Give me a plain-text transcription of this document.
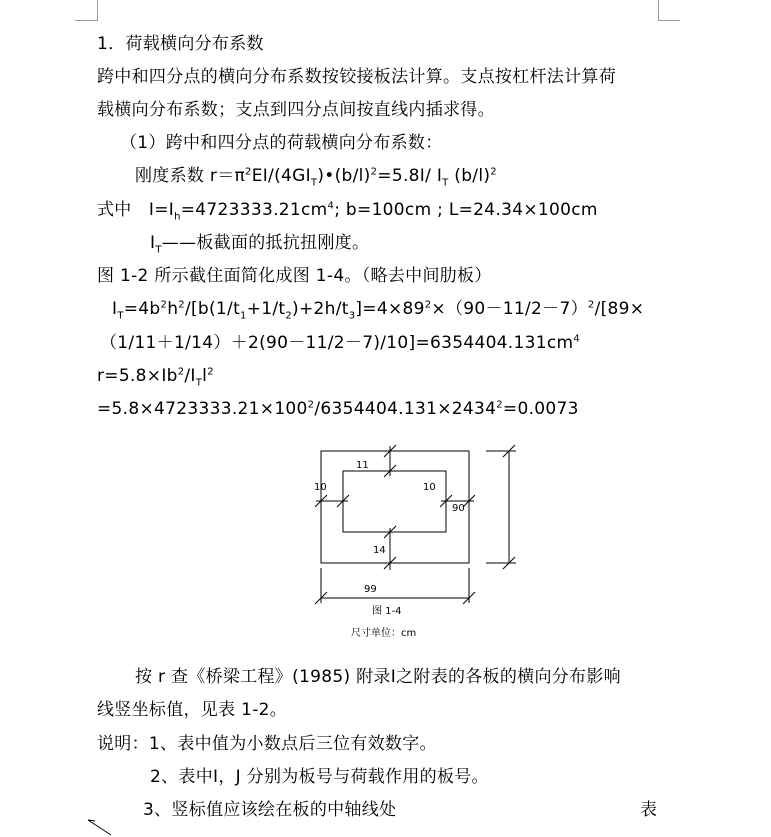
1．荷载横向分布系数
跨中和四分点的横向分布系数按铰接板法计算。支点按杠杆法计算荷
载横向分布系数；支点到四分点间按直线内插求得。
（1）跨中和四分点的荷载横向分布系数：
刚度系数 $r=\pi^2EI/(4GI_T)•(b/l)^2=5.8I/$ $I_T$ $(b/l)^2$
式中　$I=I_h=4723333.21cm^4$; b=100cm ; L=24.34×100cm
$I_T——$板截面的抵抗扭刚度。
图 1-2 所示截住面简化成图 1-4。（略去中间肋板）
$I_T=4b^2h^2/[b(1/t_1+1/t_2)+2h/t_3]=4\times 89^2\times(90-11/2-7)^2/[89\times$
$(1/11+1/14)+2(90-11/2-7)/10]=6354404.131cm^4$
$r=5.8\times Ib^2/I_Tl^2$
$=5.8\times 4723333.21\times 100^2/6354404.131\times 2434^2=0.0073$
11
10	10
90
14
99
图 1-4
尺寸单位：cm
按 r 查《桥梁工程》(1985) 附录Ⅰ之附表的各板的横向分布影响
线竖坐标值，见表 1-2。
说明：1、表中值为小数点后三位有效数字。
2、表中Ⅰ，J 分别为板号与荷载作用的板号。
3、竖标值应该绘在板的中轴线处	表
